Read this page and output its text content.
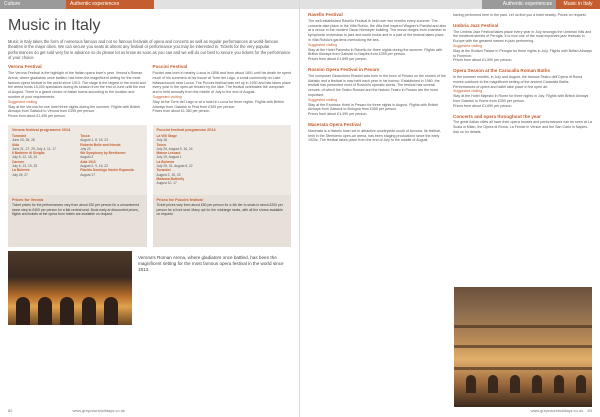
Culture	Authentic experiences
Music in Italy
Music in Italy takes the form of numerous famous and not so famous festivals of opera and concerts as well as regular performances at world-famous theatres in the major cities. We can secure you seats at almost any festival or performance you may be interested in. Tickets for the very popular performances do get sold very far in advance so do please let us know as soon as you can and we will do our best to secure you tickets for the performance of your choice.
Verona Festival
The Verona Festival is the highlight of the Italian opera lover's year. Verona's Roman Arena, where gladiators once battled, has been the magnificent setting for the most famous opera festival in the world since 1913. The stage is the largest in the world and the arena holds 15,000 spectators during its season from the end of June until the end of August. There is a grand choice of Italian towns according to the location and number of your requirements.
Suggested visiting
Stay at the Verona for one hotel three nights during the summer. Flights with British Airways from Gatwick to Verona from £395 per person.
Prices from about £1,495 per person.
Puccini Festival
Puccini was born in nearby Lucca in 1858 and from about 1891 until his death he spent much of his summers at his house at Torre del Lago, a small community on Lake Massaciuccoli near Lucca. The Puccini festival was set up in 1930 and has taken place every year in the open-air theatre by the lake. The festival celebrates the composer and is held annually from the middle of July to the end of August.
Suggested visiting
Stay at the Torre del Lago or at a hotel in Lucca for three nights. Flights with British Airways from Gatwick to Pisa from £355 per person.
Prices from about £1,350 per person.
Verona festival programme 2014
Turandot
June 20, 26, 28
Aida
June 21, 27, 29; July 4, 11, 17
Il Barbiere di Siviglia
July 5, 12, 18, 24
Carmen
July 6, 13, 19, 25
La Boheme
July 26, 27
Tosca
August 1, 8, 15, 23
Roberto Bolle and friends
July 22
9th Symphony by Beethoven
August 3
Aida 1913
August 2, 9, 16, 22
Placido Domingo Noche Espanola
August 17
Puccini festival programme 2014
La Villi Stage
July 18
Tosca
July 26, August 9, 16, 24
Manon Lescaut
July 19, August 1
La Boheme
July 25, 31, August 8, 22
Turandot
August 2, 15, 23
Madama Butterfly
August 10, 17
Prices for Verona
Ticket prices for the performances vary from about £30 per person for a unnumbered stone step to £400 per person for a flat central seat. Book early at discounted prices, flights and tickets at the opera from hotels are available on request.
Prices for Puccini festival
Ticket prices vary from about £50 per person for a 4th tier to seats in about £200 per person for a front seat. Many opt for the midrange seats, with all the shows available on request.
Verona's Roman Arena, where gladiators once battled, has been the magnificent setting for the most famous opera festival in the world since 1913.
82	www.greycoursholidays.co.uk
Authentic experiences	Music in Italy
Ravello Festival
The well-established Ravello Festival is held over two months every summer. The concerts take place in the Villa Rufolo, the villa that inspired Wagner's Parsifal and also at a venue in the modern Oscar Niemeyer building. The music ranges from chamber to symphonic orchestras to jazz and world music and in a part of the festival takes place in Villa Rufolo's gardens overlooking the sea.
Suggested visiting
Stay at the Hotel Palumbo in Ravello for three nights during the summer. Flights with British Airways from Gatwick to Naples from £395 per person.
Prices from about £1,695 per person.
Rossini Opera Festival in Pesaro
The composer Gioacchino Rossini was born in the town of Pesaro on the shores of the Adriatic and a festival is now held each year in his honour. Established in 1980, the festival has presented most of Rossini's operatic works. The festival has several venues, of which the Teatro Rossini and the historic Teatro in Pesaro are the most important.
Suggested visiting
Stay at the Excelsior Hotel in Pesaro for three nights in August. Flights with British Airways from Gatwick to Bologna from £355 per person.
Prices from about £1,490 per person.
Macerata Opera Festival
Macerata is a historic town set in attractive countryside south of Ancona. Its festival, held in the Sferisterio open-air arena, has been staging productions since the early 1920s. The festival takes place from the end of July to the middle of August.
having performed here in the past. Let us find you a hotel nearby. Prices on request.
Umbria Jazz Festival
The Umbria Jazz Festival takes place every year in July amongst the Umbrian hills and the medieval streets of Perugia. It is now one of the most important jazz festivals in Europe with the greatest names in jazz performing.
Suggested visiting
Stay at the Brufani Palace in Perugia for three nights in July. Flights with British Airways to Florence.
Prices from about £1,590 per person.
Opera Season at the Caracalla Roman Baths
In the summer months, in July and August, the famous Teatro dell'Opera di Roma moves outdoors to the magnificent setting of the ancient Caracalla Baths. Performances of opera and ballet take place in the open air.
Suggested visiting
Stay at the Hotel Majestic in Rome for three nights in July. Flights with British Airways from Gatwick to Rome from £350 per person.
Prices from about £1,690 per person.
Concerts and opera throughout the year
The great Italian cities all have their opera houses and performances can be seen at La Scala in Milan, the Opera di Roma, La Fenice in Venice and the San Carlo in Naples. Ask us for details.
www.greycoursholidays.co.uk 83
